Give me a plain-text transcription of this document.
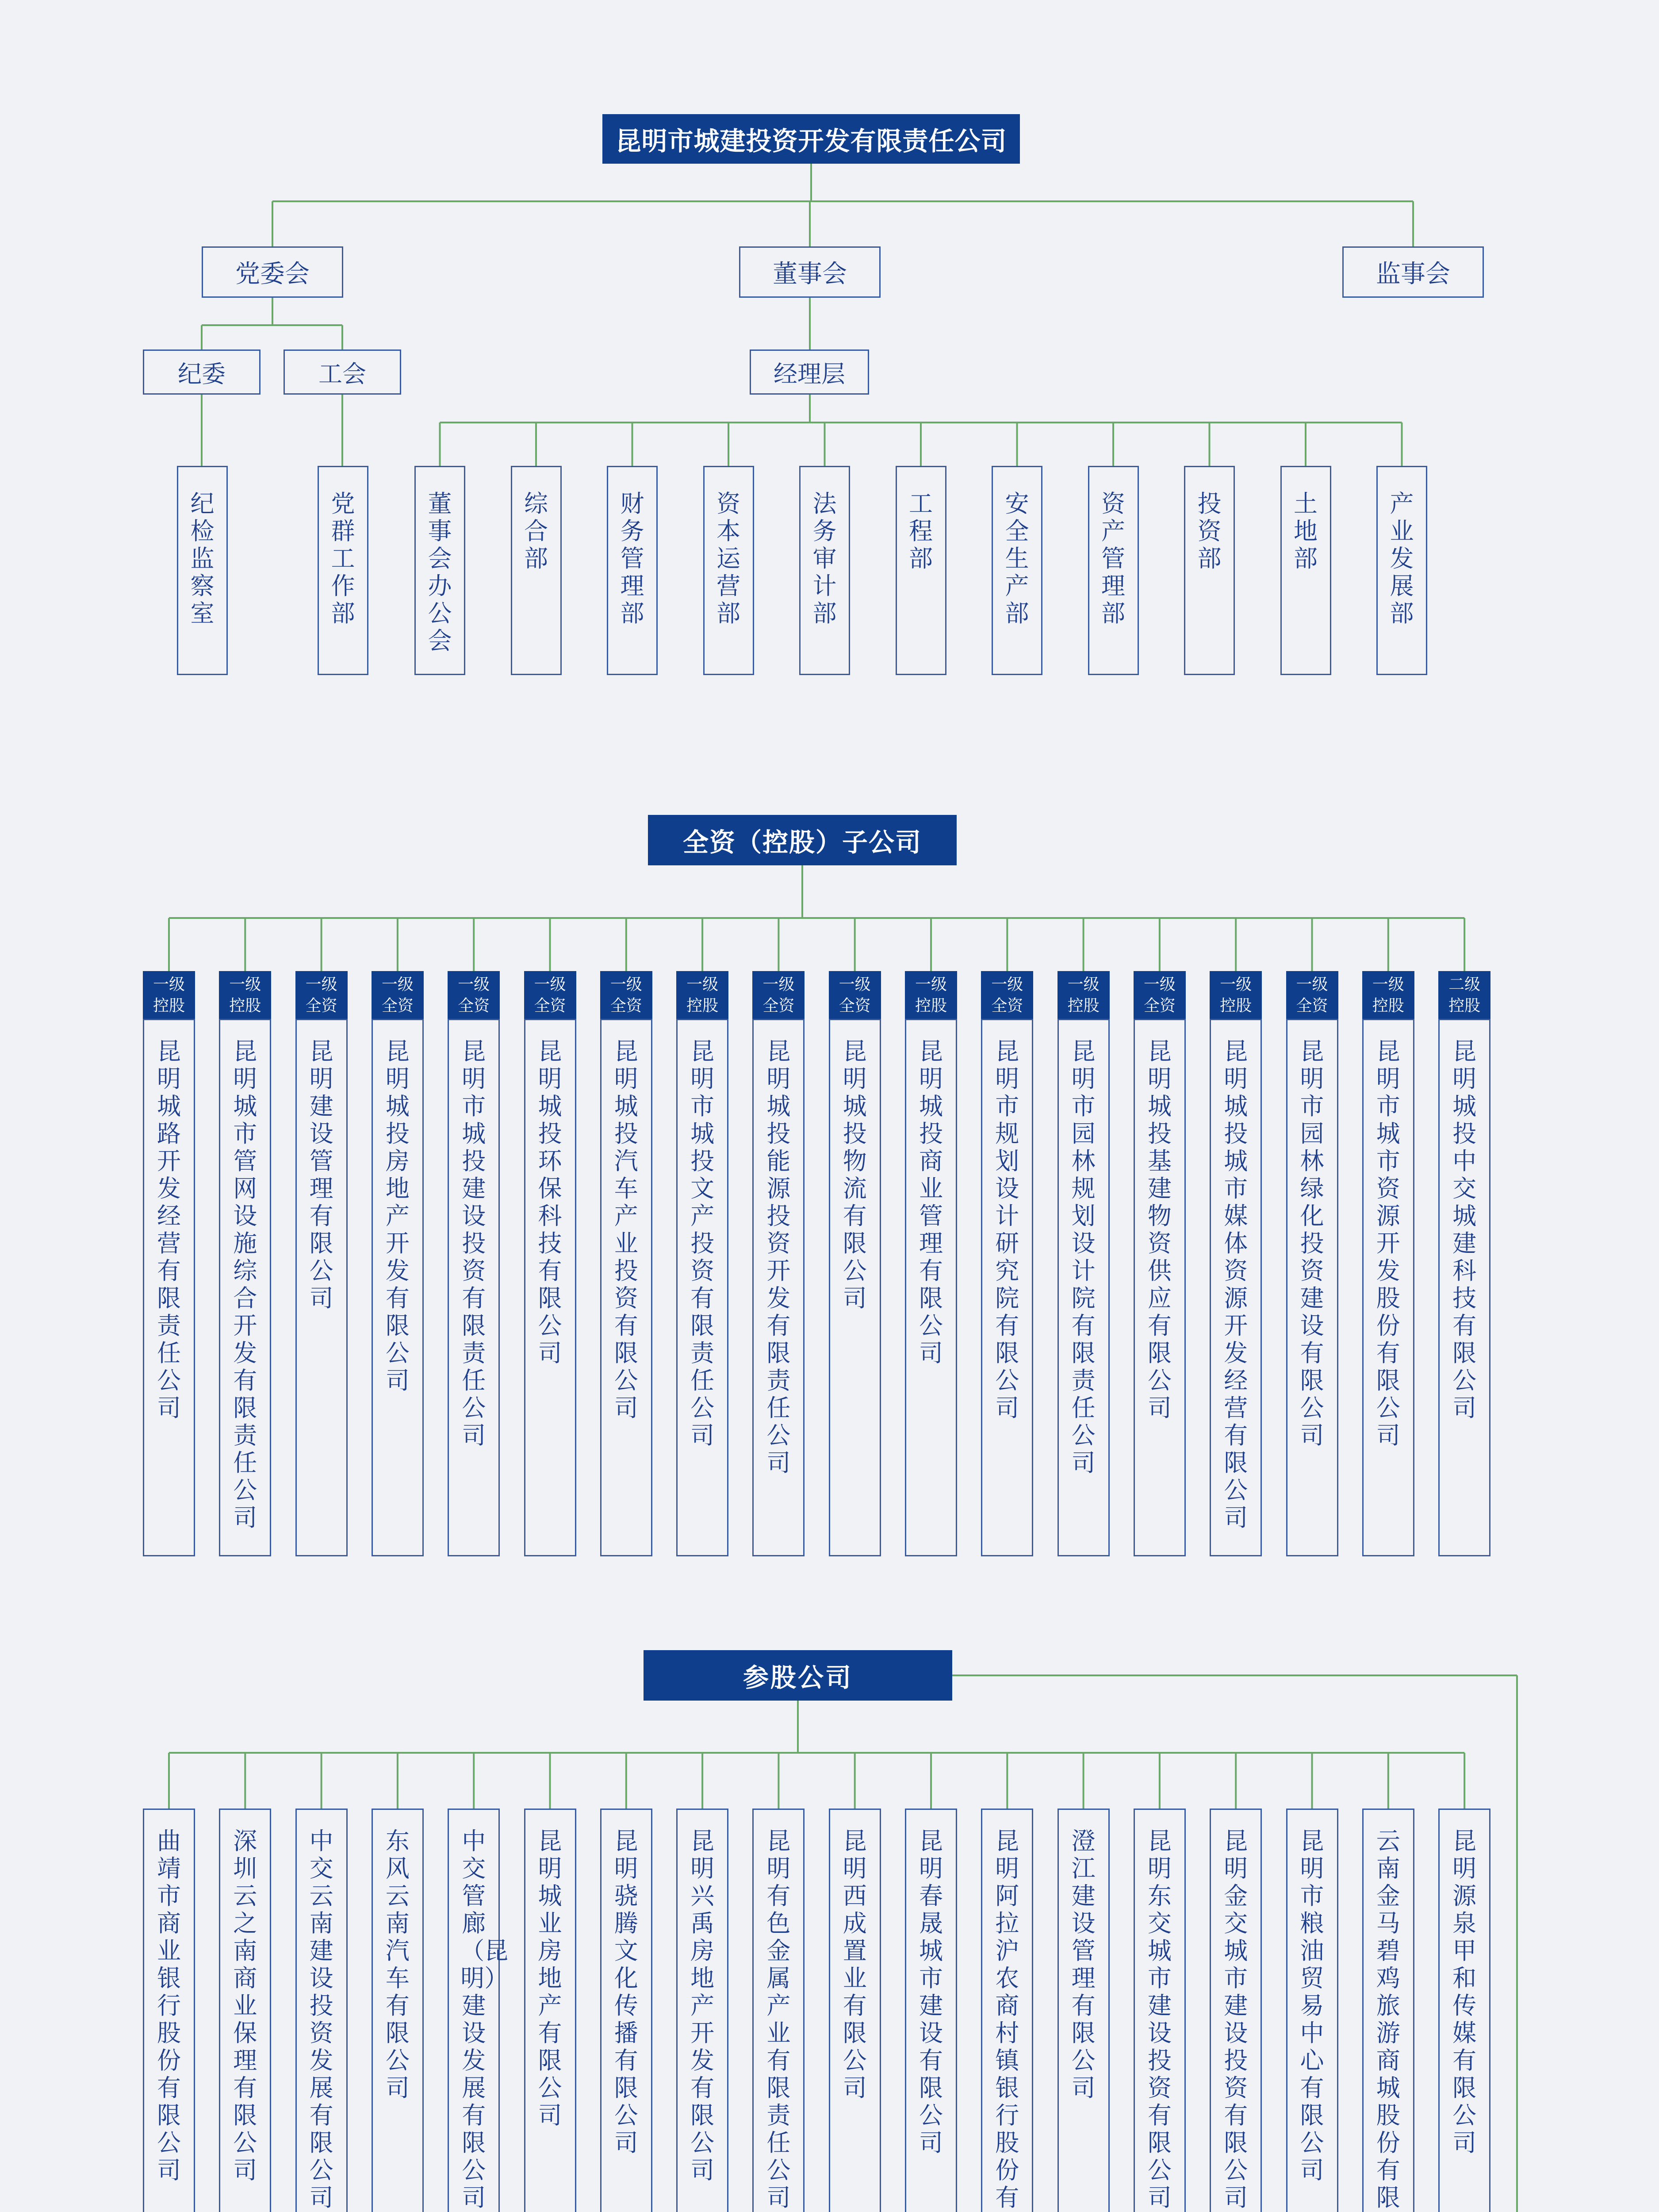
昆明市城建投资开发有限责任公司
党委会	董事会	监事会
纪委	工会	经理层
纪检监察室
党群工作部
董事会办公会
综合部
财务管理部
资本运营部
法务审计部
工程部
安全生产部
资产管理部
投资部
土地部
产业发展部
全资（控股）子公司
一级
控股
昆明城路开发经营有限责任公司
一级
控股
昆明城市管网设施综合开发有限责任公司
一级
全资
昆明建设管理有限公司
一级
全资
昆明城投房地产开发有限公司
一级
全资
昆明市城投建设投资有限责任公司
一级
全资
昆明城投环保科技有限公司
一级
全资
昆明城投汽车产业投资有限公司
一级
控股
昆明市城投文产投资有限责任公司
一级
全资
昆明城投能源投资开发有限责任公司
一级
全资
昆明城投物流有限公司
一级
控股
昆明城投商业管理有限公司
一级
全资
昆明市规划设计研究院有限公司
一级
控股
昆明市园林规划设计院有限责任公司
一级
全资
昆明城投基建物资供应有限公司
一级
控股
昆明城投城市媒体资源开发经营有限公司
一级
全资
昆明市园林绿化投资建设有限公司
一级
控股
昆明市城市资源开发股份有限公司
二级
控股
昆明城投中交城建科技有限公司
参股公司
曲靖市商业银行股份有限公司
深圳云之南商业保理有限公司
中交云南建设投资发展有限公司
东风云南汽车有限公司
中交管廊（昆明）建设发展有限公司
昆明城业房地产有限公司
昆明骁腾文化传播有限公司
昆明兴禹房地产开发有限公司
昆明有色金属产业有限责任公司
昆明西成置业有限公司
昆明春晟城市建设有限公司
昆明阿拉沪农商村镇银行股份有
澄江建设管理有限公司
昆明东交城市建设投资有限公司
昆明金交城市建设投资有限公司
昆明市粮油贸易中心有限公司
云南金马碧鸡旅游商城股份有限
昆明源泉甲和传媒有限公司
